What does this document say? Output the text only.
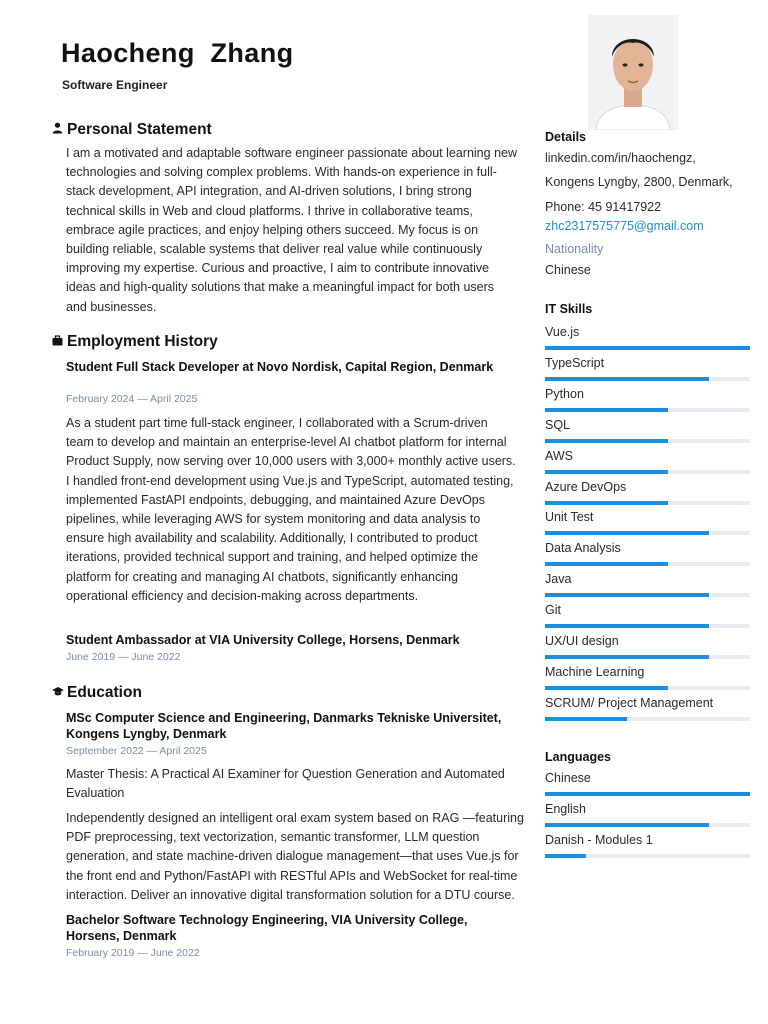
Haocheng  Zhang
Software Engineer
Personal Statement
I am a motivated and adaptable software engineer passionate about learning new technologies and solving complex problems. With hands-on experience in full-stack development, API integration, and AI-driven solutions, I bring strong technical skills in Web and cloud platforms. I thrive in collaborative teams, embrace agile practices, and enjoy helping others succeed. My focus is on building reliable, scalable systems that deliver real value while continuously improving my expertise. Curious and proactive, I aim to contribute innovative ideas and high-quality solutions that make a meaningful impact for both users and businesses.
Employment History
Student Full Stack Developer at Novo Nordisk, Capital Region, Denmark
February 2024 — April 2025
As a student part time full-stack engineer, I collaborated with a Scrum-driven team to develop and maintain an enterprise-level AI chatbot platform for internal Product Supply, now serving over 10,000 users with 3,000+ monthly active users. I handled front-end development using Vue.js and TypeScript, automated testing, implemented FastAPI endpoints, debugging, and maintained Azure DevOps pipelines, while leveraging AWS for system monitoring and data analysis to ensure high availability and scalability. Additionally, I contributed to product iterations, provided technical support and training, and helped optimize the platform for creating and managing AI chatbots, significantly enhancing operational efficiency and decision-making across departments.
Student Ambassador at VIA University College, Horsens, Denmark
June 2019 — June 2022
Education
MSc Computer Science and Engineering, Danmarks Tekniske Universitet, Kongens Lyngby, Denmark
September 2022 — April 2025
Master Thesis: A Practical AI Examiner for Question Generation and Automated Evaluation
Independently designed an intelligent oral exam system based on RAG —featuring PDF preprocessing, text vectorization, semantic transformer, LLM question generation, and state machine-driven dialogue management—that uses Vue.js for the front end and Python/FastAPI with RESTful APIs and WebSocket for real-time interaction. Deliver an innovative digital transformation solution for a DTU course.
Bachelor Software Technology Engineering, VIA University College, Horsens, Denmark
February 2019 — June 2022
Details
linkedin.com/in/haochengz,
Kongens Lyngby, 2800, Denmark,
Phone: 45 91417922
zhc2317575775@gmail.com
Nationality
Chinese
IT Skills
Vue.js
TypeScript
Python
SQL
AWS
Azure DevOps
Unit Test
Data Analysis
Java
Git
UX/UI design
Machine Learning
SCRUM/ Project Management
Languages
Chinese
English
Danish - Modules 1
